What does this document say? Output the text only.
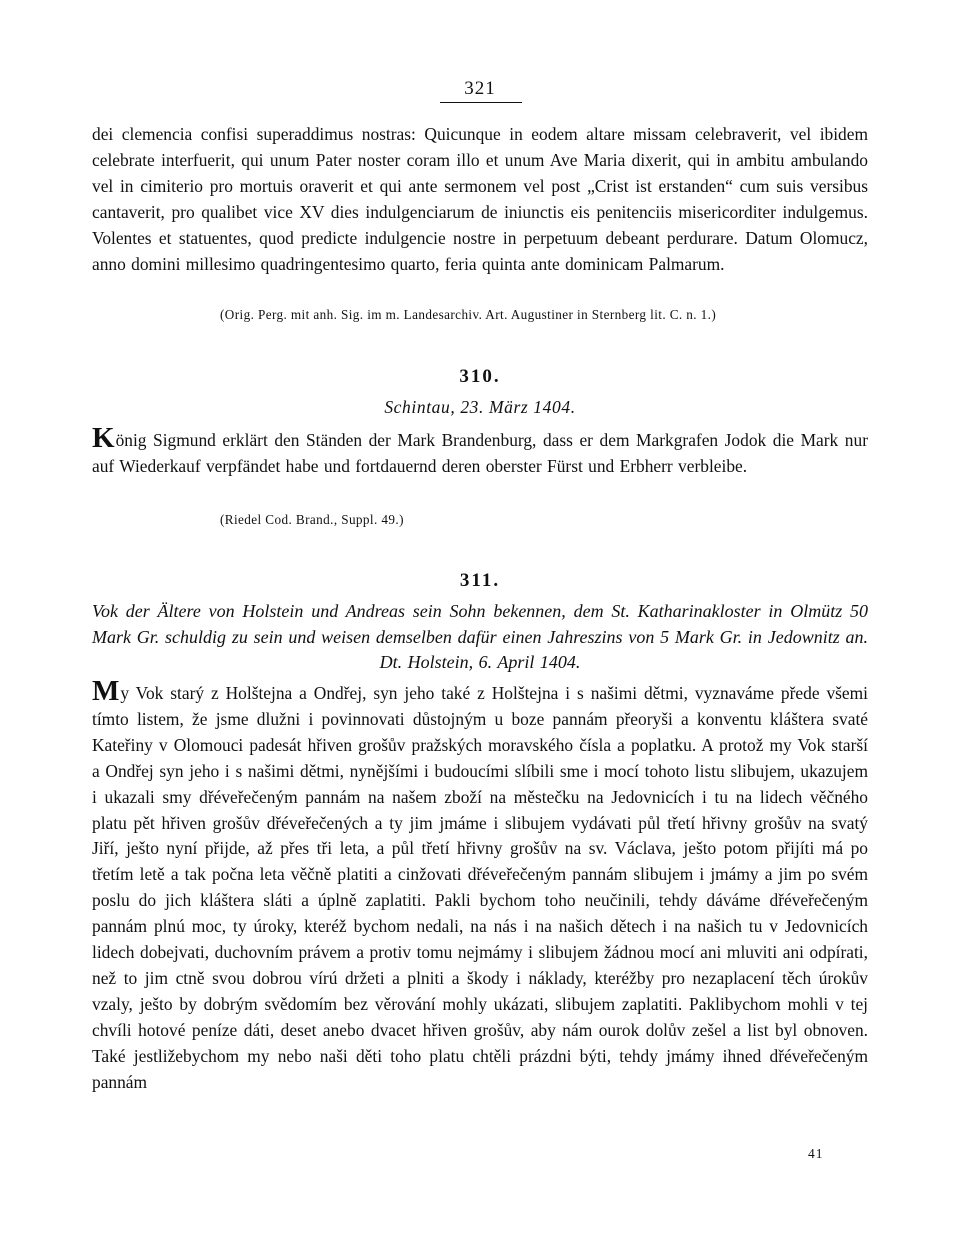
321

dei clemencia confisi superaddimus nostras: Quicunque in eodem altare missam celebraverit, vel ibidem celebrate interfuerit, qui unum Pater noster coram illo et unum Ave Maria dixerit, qui in ambitu ambulando vel in cimiterio pro mortuis oraverit et qui ante sermonem vel post „Crist ist erstanden“ cum suis versibus cantaverit, pro qualibet vice XV dies indulgenciarum de iniunctis eis penitenciis misericorditer indulgemus. Volentes et statuentes, quod predicte indulgencie nostre in perpetuum debeant perdurare. Datum Olomucz, anno domini millesimo quadringentesimo quarto, feria quinta ante dominicam Palmarum.

(Orig. Perg. mit anh. Sig. im m. Landesarchiv. Art. Augustiner in Sternberg lit. C. n. 1.)

310.

Schintau, 23. März 1404.

König Sigmund erklärt den Ständen der Mark Brandenburg, dass er dem Markgrafen Jodok die Mark nur auf Wiederkauf verpfändet habe und fortdauernd deren oberster Fürst und Erbherr verbleibe.

(Riedel Cod. Brand., Suppl. 49.)

311.

Vok der Ältere von Holstein und Andreas sein Sohn bekennen, dem St. Katharinakloster in Olmütz 50 Mark Gr. schuldig zu sein und weisen demselben dafür einen Jahreszins von 5 Mark Gr. in Jedownitz an. Dt. Holstein, 6. April 1404.

My Vok starý z Holštejna a Ondřej, syn jeho také z Holštejna i s našimi dětmi, vyznaváme přede všemi tímto listem, že jsme dlužni i povinnovati důstojným u boze pannám přeoryši a konventu kláštera svaté Kateřiny v Olomouci padesát hřiven grošův pražských moravského čísla a poplatku. A protož my Vok starší a Ondřej syn jeho i s našimi dětmi, nynějšími i budoucími slíbili sme i mocí tohoto listu slibujem, ukazujem i ukazali smy dřéveřečeným pannám na našem zboží na městečku na Jedovnicích i tu na lidech věčného platu pět hřiven grošův dřéveřečených a ty jim jmáme i slibujem vydávati půl třetí hřivny grošův na svatý Jiří, ješto nyní přijde, až přes tři leta, a půl třetí hřivny grošův na sv. Václava, ješto potom přijíti má po třetím letě a tak počna leta věčně platiti a cinžovati dřéveřečeným pannám slibujem i jmámy a jim po svém poslu do jich kláštera sláti a úplně zaplatiti. Pakli bychom toho neučinili, tehdy dáváme dřéveřečeným pannám plnú moc, ty úroky, kteréž bychom nedali, na nás i na našich dětech i na našich tu v Jedovnicích lidech dobejvati, duchovním právem a protiv tomu nejmámy i slibujem žádnou mocí ani mluviti ani odpírati, než to jim ctně svou dobrou vírú držeti a plniti a škody i náklady, kteréžby pro nezaplacení těch úrokův vzaly, ješto by dobrým svědomím bez věrování mohly ukázati, slibujem zaplatiti. Paklibychom mohli v tej chvíli hotové peníze dáti, deset anebo dvacet hřiven grošův, aby nám ourok dolův zešel a list byl obnoven. Také jestližebychom my nebo naši děti toho platu chtěli prázdni býti, tehdy jmámy ihned dřéveřečeným pannám

41
